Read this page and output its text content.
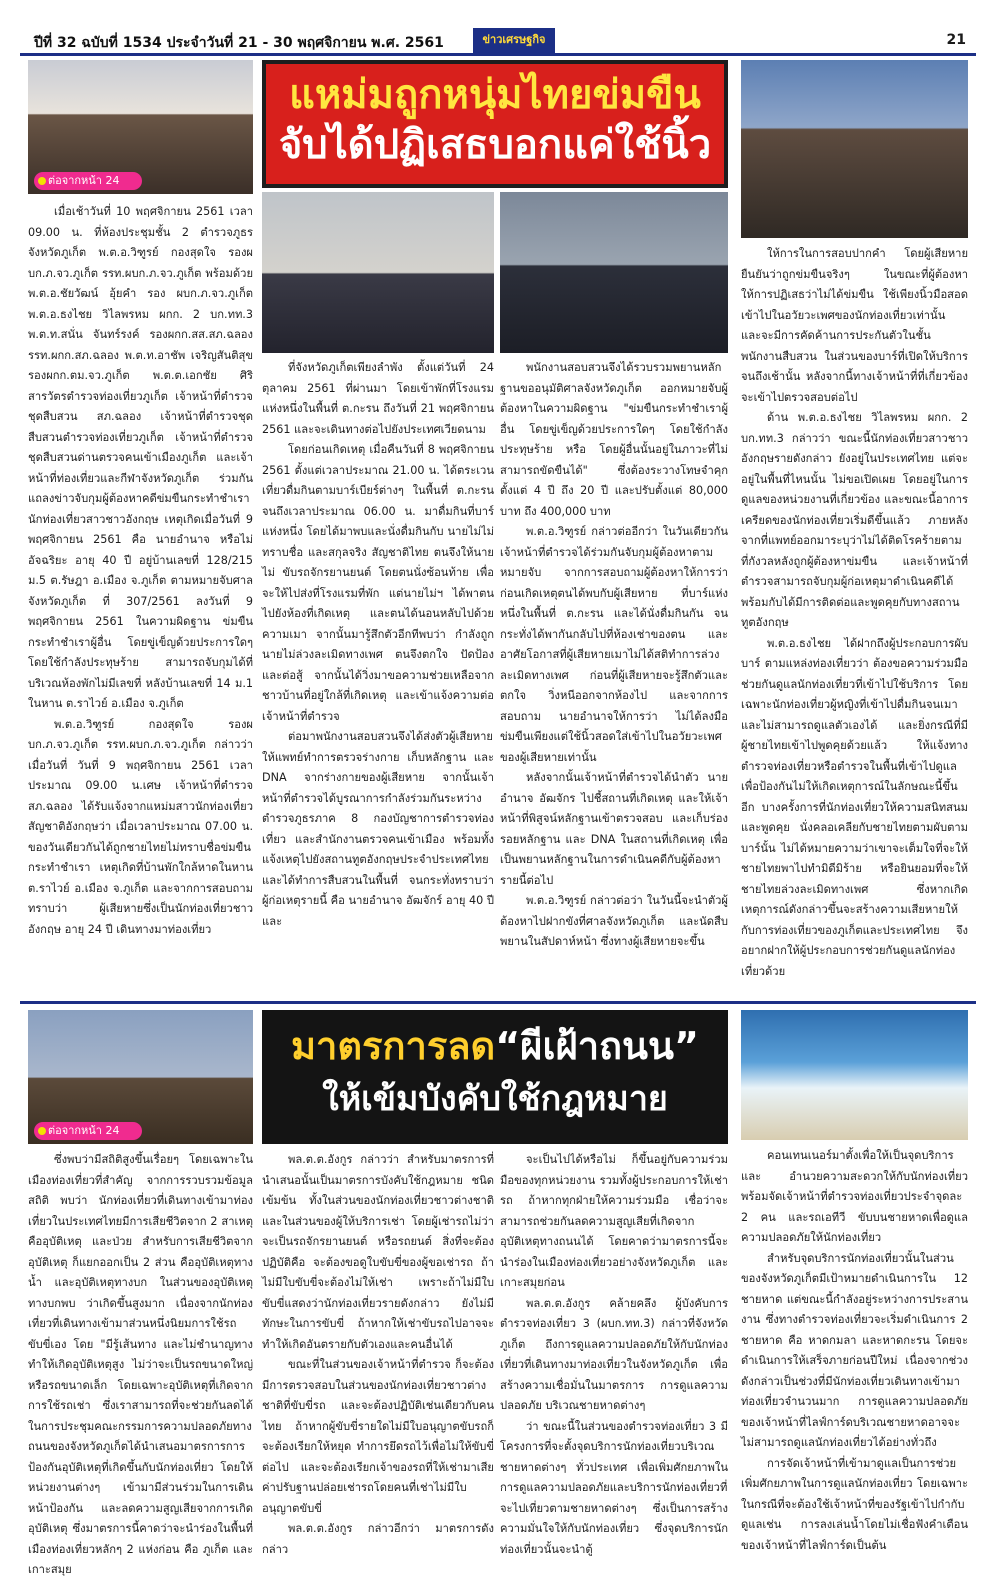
ปีที่ 32 ฉบับที่ 1534 ประจำวันที่ 21 - 30 พฤศจิกายน พ.ศ. 2561	ข่าวเศรษฐกิจ	21
ต่อจากหน้า 24
แหม่มถูกหนุ่มไทยข่มขืน
จับได้ปฏิเสธบอกแค่ใช้นิ้ว

เมื่อเช้าวันที่ 10 พฤศจิกายน 2561 เวลา 09.00 น. ที่ห้องประชุมชั้น 2 ตำรวจภูธรจังหวัดภูเก็ต พ.ต.อ.วิฑูรย์ กองสุดใจ รองผบก.ภ.จว.ภูเก็ต รรท.ผบก.ภ.จว.ภูเก็ต พร้อมด้วย พ.ต.อ.ชัยวัฒน์ อุ้ยคำ รอง ผบก.ภ.จว.ภูเก็ต พ.ต.อ.ธงไชย วิไลพรหม ผกก. 2 บก.ทท.3 พ.ต.ท.สนั่น จันทร์รงค์ รองผกก.สส.สภ.ฉลอง รรท.ผกก.สภ.ฉลอง พ.ต.ท.อาชัพ เจริญสันติสุข รองผกก.ตม.จว.ภูเก็ต พ.ต.ต.เอกชัย ศิริ สารวัตรตำรวจท่องเที่ยวภูเก็ต เจ้าหน้าที่ตำรวจชุดสืบสวน สภ.ฉลอง เจ้าหน้าที่ตำรวจชุดสืบสวนตำรวจท่องเที่ยวภูเก็ต เจ้าหน้าที่ตำรวจชุดสืบสวนด่านตรวจคนเข้าเมืองภูเก็ต และเจ้าหน้าที่ท่องเที่ยวและกีฬาจังหวัดภูเก็ต ร่วมกันแถลงข่าวจับกุมผู้ต้องหาคดีข่มขืนกระทำชำเรา นักท่องเที่ยวสาวชาวอังกฤษ เหตุเกิดเมื่อวันที่ 9 พฤศจิกายน 2561 คือ นายอำนาจ หรือไม่ อัจฉริยะ อายุ 40 ปี อยู่บ้านเลขที่ 128/215 ม.5 ต.รัษฎา อ.เมือง จ.ภูเก็ต ตามหมายจับศาลจังหวัดภูเก็ต ที่ 307/2561 ลงวันที่ 9 พฤศจิกายน 2561 ในความผิดฐาน ข่มขืนกระทำชำเราผู้อื่น โดยขู่เข็ญด้วยประการใดๆ โดยใช้กำลังประทุษร้าย สามารถจับกุมได้ที่บริเวณห้องพักไม่มีเลขที่ หลังบ้านเลขที่ 14 ม.1 ในหาน ต.ราไวย์ อ.เมือง จ.ภูเก็ต

พ.ต.อ.วิฑูรย์ กองสุดใจ รองผบก.ภ.จว.ภูเก็ต รรท.ผบก.ภ.จว.ภูเก็ต กล่าวว่า เมื่อวันที่ วันที่ 9 พฤศจิกายน 2561 เวลาประมาณ 09.00 น.เศษ เจ้าหน้าที่ตำรวจ สภ.ฉลอง ได้รับแจ้งจากแหม่มสาวนักท่องเที่ยวสัญชาติอังกฤษว่า เมื่อเวลาประมาณ 07.00 น. ของวันเดียวกันได้ถูกชายไทยไม่ทราบชื่อข่มขืนกระทำชำเรา เหตุเกิดที่บ้านพักใกล้หาดในหาน ต.ราไวย์ อ.เมือง จ.ภูเก็ต และจากการสอบถามทราบว่า ผู้เสียหายซึ่งเป็นนักท่องเที่ยวชาวอังกฤษ อายุ 24 ปี เดินทางมาท่องเที่ยว

ที่จังหวัดภูเก็ตเพียงลำพัง ตั้งแต่วันที่ 24 ตุลาคม 2561 ที่ผ่านมา โดยเข้าพักที่โรงแรมแห่งหนึ่งในพื้นที่ ต.กะรน ถึงวันที่ 21 พฤศจิกายน 2561 และจะเดินทางต่อไปยังประเทศเวียดนาม

โดยก่อนเกิดเหตุ เมื่อคืนวันที่ 8 พฤศจิกายน 2561 ตั้งแต่เวลาประมาณ 21.00 น. ได้ตระเวนเที่ยวดื่มกินตามบาร์เบียร์ต่างๆ ในพื้นที่ ต.กะรน จนถึงเวลาประมาณ 06.00 น. มาดื่มกินที่บาร์แห่งหนึ่ง โดยได้มาพบและนั่งดื่มกินกับ นายไม่ไม่ทราบชื่อ และสกุลจริง สัญชาติไทย ตนจึงให้นายไม่ ขับรถจักรยานยนต์ โดยตนนั่งซ้อนท้าย เพื่อจะให้ไปส่งที่โรงแรมที่พัก แต่นายไม่ฯ ได้พาตนไปยังห้องที่เกิดเหตุ และตนได้นอนหลับไปด้วยความเมา จากนั้นมารู้สึกตัวอีกทีพบว่า กำลังถูกนายไม่ล่วงละเมิดทางเพศ ตนจึงตกใจ ปัดป้องและต่อสู้ จากนั้นได้วิ่งมาขอความช่วยเหลือจากชาวบ้านที่อยู่ใกล้ที่เกิดเหตุ และเข้าแจ้งความต่อเจ้าหน้าที่ตำรวจ

ต่อมาพนักงานสอบสวนจึงได้ส่งตัวผู้เสียหายให้แพทย์ทำการตรวจร่างกาย เก็บหลักฐาน และ DNA จากร่างกายของผู้เสียหาย จากนั้นเจ้าหน้าที่ตำรวจได้บูรณาการกำลังร่วมกันระหว่างตำรวจภูธรภาค 8 กองบัญชาการตำรวจท่องเที่ยว และสำนักงานตรวจคนเข้าเมือง พร้อมทั้งแจ้งเหตุไปยังสถานทูตอังกฤษประจำประเทศไทย และได้ทำการสืบสวนในพื้นที่ จนกระทั่งทราบว่า ผู้ก่อเหตุรายนี้ คือ นายอำนาจ อัฒจักร์ อายุ 40 ปี และ

พนักงานสอบสวนจึงได้รวบรวมพยานหลักฐานขออนุมัติศาลจังหวัดภูเก็ต ออกหมายจับผู้ต้องหาในความผิดฐาน "ข่มขืนกระทำชำเราผู้อื่น โดยขู่เข็ญด้วยประการใดๆ โดยใช้กำลังประทุษร้าย หรือ โดยผู้อื่นนั้นอยู่ในภาวะที่ไม่สามารถขัดขืนได้" ซึ่งต้องระวางโทษจำคุกตั้งแต่ 4 ปี ถึง 20 ปี และปรับตั้งแต่ 80,000 บาท ถึง 400,000 บาท

พ.ต.อ.วิฑูรย์ กล่าวต่ออีกว่า ในวันเดียวกันเจ้าหน้าที่ตำรวจได้ร่วมกันจับกุมผู้ต้องหาตามหมายจับ จากการสอบถามผู้ต้องหาให้การว่า ก่อนเกิดเหตุตนได้พบกับผู้เสียหาย ที่บาร์แห่งหนึ่งในพื้นที่ ต.กะรน และได้นั่งดื่มกินกัน จนกระทั่งได้พากันกลับไปที่ห้องเช่าของตน และอาศัยโอกาสที่ผู้เสียหายเมาไม่ได้สติทำการล่วงละเมิดทางเพศ ก่อนที่ผู้เสียหายจะรู้สึกตัวและตกใจ วิ่งหนีออกจากห้องไป และจากการสอบถาม นายอำนาจให้การว่า ไม่ได้ลงมือข่มขืนเพียงแต่ใช้นิ้วสอดใส่เข้าไปในอวัยวะเพศของผู้เสียหายเท่านั้น

หลังจากนั้นเจ้าหน้าที่ตำรวจได้นำตัว นายอำนาจ อัฒจักร ไปชี้สถานที่เกิดเหตุ และให้เจ้าหน้าที่พิสูจน์หลักฐานเข้าตรวจสอบ และเก็บร่องรอยหลักฐาน และ DNA ในสถานที่เกิดเหตุ เพื่อเป็นพยานหลักฐานในการดำเนินคดีกับผู้ต้องหารายนี้ต่อไป

พ.ต.อ.วิฑูรย์ กล่าวต่อว่า ในวันนี้จะนำตัวผู้ต้องหาไปฝากขังที่ศาลจังหวัดภูเก็ต และนัดสืบพยานในสัปดาห์หน้า ซึ่งทางผู้เสียหายจะขึ้น

ให้การในการสอบปากคำ โดยผู้เสียหายยืนยันว่าถูกข่มขืนจริงๆ ในขณะที่ผู้ต้องหาให้การปฏิเสธว่าไม่ได้ข่มขืน ใช้เพียงนิ้วมือสอดเข้าไปในอวัยวะเพศของนักท่องเที่ยวเท่านั้น และจะมีการคัดค้านการประกันตัวในชั้นพนักงานสืบสวน ในส่วนของบาร์ที่เปิดให้บริการจนถึงเช้านั้น หลังจากนี้ทางเจ้าหน้าที่ที่เกี่ยวข้องจะเข้าไปตรวจสอบต่อไป

ด้าน พ.ต.อ.ธงไชย วิไลพรหม ผกก. 2 บก.ทท.3 กล่าวว่า ขณะนี้นักท่องเที่ยวสาวชาวอังกฤษรายดังกล่าว ยังอยู่ในประเทศไทย แต่จะอยู่ในพื้นที่ไหนนั้น ไม่ขอเปิดเผย โดยอยู่ในการดูแลของหน่วยงานที่เกี่ยวข้อง และขณะนี้อาการเครียดของนักท่องเที่ยวเริ่มดีขึ้นแล้ว ภายหลังจากที่แพทย์ออกมาระบุว่าไม่ได้ติดโรคร้ายตามที่กังวลหลังถูกผู้ต้องหาข่มขืน และเจ้าหน้าที่ตำรวจสามารถจับกุมผู้ก่อเหตุมาดำเนินคดีได้ พร้อมกับได้มีการติดต่อและพูดคุยกับทางสถานทูตอังกฤษ

พ.ต.อ.ธงไชย ได้ฝากถึงผู้ประกอบการผับ บาร์ ตามแหล่งท่องเที่ยวว่า ต้องขอความร่วมมือช่วยกันดูแลนักท่องเที่ยวที่เข้าไปใช้บริการ โดยเฉพาะนักท่องเที่ยวผู้หญิงที่เข้าไปดื่มกินจนเมา และไม่สามารถดูแลตัวเองได้ และยิ่งกรณีที่มีผู้ชายไทยเข้าไปพูดคุยด้วยแล้ว ให้แจ้งทางตำรวจท่องเที่ยวหรือตำรวจในพื้นที่เข้าไปดูแล เพื่อป้องกันไม่ให้เกิดเหตุการณ์ในลักษณะนี้ขึ้นอีก บางครั้งการที่นักท่องเที่ยวให้ความสนิทสนมและพูดคุย นั่งคลอเคลียกับชายไทยตามผับตามบาร์นั้น ไม่ได้หมายความว่าเขาจะเต็มใจที่จะให้ชายไทยพาไปทำมิดีมิร้าย หรือยินยอมที่จะให้ชายไทยล่วงละเมิดทางเพศ ซึ่งหากเกิดเหตุการณ์ดังกล่าวขึ้นจะสร้างความเสียหายให้กับการท่องเที่ยวของภูเก็ตและประเทศไทย จึงอยากฝากให้ผู้ประกอบการช่วยกันดูแลนักท่องเที่ยวด้วย

ต่อจากหน้า 24
มาตรการลด“ผีเฝ้าถนน”
ให้เข้มบังคับใช้กฎหมาย

ซึ่งพบว่ามีสถิติสูงขึ้นเรื่อยๆ โดยเฉพาะในเมืองท่องเที่ยวที่สำคัญ จากการรวบรวมข้อมูลสถิติ พบว่า นักท่องเที่ยวที่เดินทางเข้ามาท่องเที่ยวในประเทศไทยมีการเสียชีวิตจาก 2 สาเหตุ คืออุบัติเหตุ และป่วย สำหรับการเสียชีวิตจากอุบัติเหตุ ก็แยกออกเป็น 2 ส่วน คืออุบัติเหตุทางน้ำ และอุบัติเหตุทางบก ในส่วนของอุบัติเหตุทางบกพบ ว่าเกิดขึ้นสูงมาก เนื่องจากนักท่องเที่ยวที่เดินทางเข้ามาส่วนหนึ่งนิยมการใช้รถขับขี่เอง โดย "มีรู้เส้นทาง และไม่ชำนาญทาง ทำให้เกิดอุบัติเหตุสูง ไม่ว่าจะเป็นรถขนาดใหญ่หรือรถขนาดเล็ก โดยเฉพาะอุบัติเหตุที่เกิดจากการใช้รถเช่า ซึ่งเราสามารถที่จะช่วยกันลดได้ ในการประชุมคณะกรรมการความปลอดภัยทางถนนของจังหวัดภูเก็ตได้นำเสนอมาตรการการป้องกันอุบัติเหตุที่เกิดขึ้นกับนักท่องเที่ยว โดยให้หน่วยงานต่างๆ เข้ามามีส่วนร่วมในการเดินหน้าป้องกัน และลดความสูญเสียจากการเกิดอุบัติเหตุ ซึ่งมาตรการนี้คาดว่าจะนำร่องในพื้นที่เมืองท่องเที่ยวหลักๆ 2 แห่งก่อน คือ ภูเก็ต และเกาะสมุย

พล.ต.ต.อังกูร กล่าวว่า สำหรับมาตรการที่นำเสนอนั้นเป็นมาตรการบังคับใช้กฎหมาย ชนิดเข้มข้น ทั้งในส่วนของนักท่องเที่ยวชาวต่างชาติ และในส่วนของผู้ให้บริการเช่า โดยผู้เช่ารถไม่ว่าจะเป็นรถจักรยานยนต์ หรือรถยนต์ สิ่งที่จะต้องปฏิบัติคือ จะต้องขอดูใบขับขี่ของผู้ขอเช่ารถ ถ้าไม่มีใบขับขี่จะต้องไม่ให้เช่า เพราะถ้าไม่มีใบขับขี่แสดงว่านักท่องเที่ยวรายดังกล่าว ยังไม่มีทักษะในการขับขี่ ถ้าหากให้เช่าขับรถไปอาจจะทำให้เกิดอันตรายกับตัวเองและคนอื่นได้

ขณะที่ในส่วนของเจ้าหน้าที่ตำรวจ ก็จะต้องมีการตรวจสอบในส่วนของนักท่องเที่ยวชาวต่างชาติที่ขับขี่รถ และจะต้องปฏิบัติเช่นเดียวกับคนไทย ถ้าหากผู้ขับขี่รายใดไม่มีใบอนุญาตขับรถก็จะต้องเรียกให้หยุด ทำการยึดรถไว้เพื่อไม่ให้ขับขี่ต่อไป และจะต้องเรียกเจ้าของรถที่ให้เช่ามาเสียค่าปรับฐานปล่อยเช่ารถโดยคนที่เช่าไม่มีใบอนุญาตขับขี่

พล.ต.ต.อังกูร กล่าวอีกว่า มาตรการดังกล่าว

จะเป็นไปได้หรือไม่ ก็ขึ้นอยู่กับความร่วมมือของทุกหน่วยงาน รวมทั้งผู้ประกอบการให้เช่ารถ ถ้าหากทุกฝ่ายให้ความร่วมมือ เชื่อว่าจะสามารถช่วยกันลดความสูญเสียที่เกิดจากอุบัติเหตุทางถนนได้ โดยคาดว่ามาตรการนี้จะนำร่องในเมืองท่องเที่ยวอย่างจังหวัดภูเก็ต และ เกาะสมุยก่อน

พล.ต.ต.อังกูร คล้ายคลึง ผู้บังคับการตำรวจท่องเที่ยว 3 (ผบก.ทท.3) กล่าวที่จังหวัดภูเก็ต ถึงการดูแลความปลอดภัยให้กับนักท่องเที่ยวที่เดินทางมาท่องเที่ยวในจังหวัดภูเก็ต เพื่อสร้างความเชื่อมั่นในมาตรการ การดูแลความปลอดภัย บริเวณชายหาดต่างๆ

ว่า ขณะนี้ในส่วนของตำรวจท่องเที่ยว 3 มีโครงการที่จะตั้งจุดบริการนักท่องเที่ยวบริเวณชายหาดต่างๆ ทั่วประเทศ เพื่อเพิ่มศักยภาพในการดูแลความปลอดภัยและบริการนักท่องเที่ยวที่จะไปเที่ยวตามชายหาดต่างๆ ซึ่งเป็นการสร้างความมั่นใจให้กับนักท่องเที่ยว ซึ่งจุดบริการนักท่องเที่ยวนั้นจะนำตู้

คอนเทนเนอร์มาตั้งเพื่อให้เป็นจุดบริการ และ อำนวยความสะดวกให้กับนักท่องเที่ยว พร้อมจัดเจ้าหน้าที่ตำรวจท่องเที่ยวประจำจุดละ 2 คน และรถเอทีวี ขับบนชายหาดเพื่อดูแลความปลอดภัยให้นักท่องเที่ยว

สำหรับจุดบริการนักท่องเที่ยวนั้นในส่วนของจังหวัดภูเก็ตมีเป้าหมายดำเนินการใน 12 ชายหาด แต่ขณะนี้กำลังอยู่ระหว่างการประสานงาน ซึ่งทางตำรวจท่องเที่ยวจะเริ่มดำเนินการ 2 ชายหาด คือ หาดกมลา และหาดกะรน โดยจะดำเนินการให้เสร็จภายก่อนปีใหม่ เนื่องจากช่วงดังกล่าวเป็นช่วงที่มีนักท่องเที่ยวเดินทางเข้ามาท่องเที่ยวจำนวนมาก การดูแลความปลอดภัยของเจ้าหน้าที่ไลฟ์การ์ดบริเวณชายหาดอาจจะไม่สามารถดูแลนักท่องเที่ยวได้อย่างทั่วถึง

การจัดเจ้าหน้าที่เข้ามาดูแลเป็นการช่วยเพิ่มศักยภาพในการดูแลนักท่องเที่ยว โดยเฉพาะในกรณีที่จะต้องใช้เจ้าหน้าที่ของรัฐเข้าไปกำกับดูแลเช่น การลงเล่นน้ำโดยไม่เชื่อฟังคำเตือนของเจ้าหน้าที่ไลฟ์การ์ดเป็นต้น
